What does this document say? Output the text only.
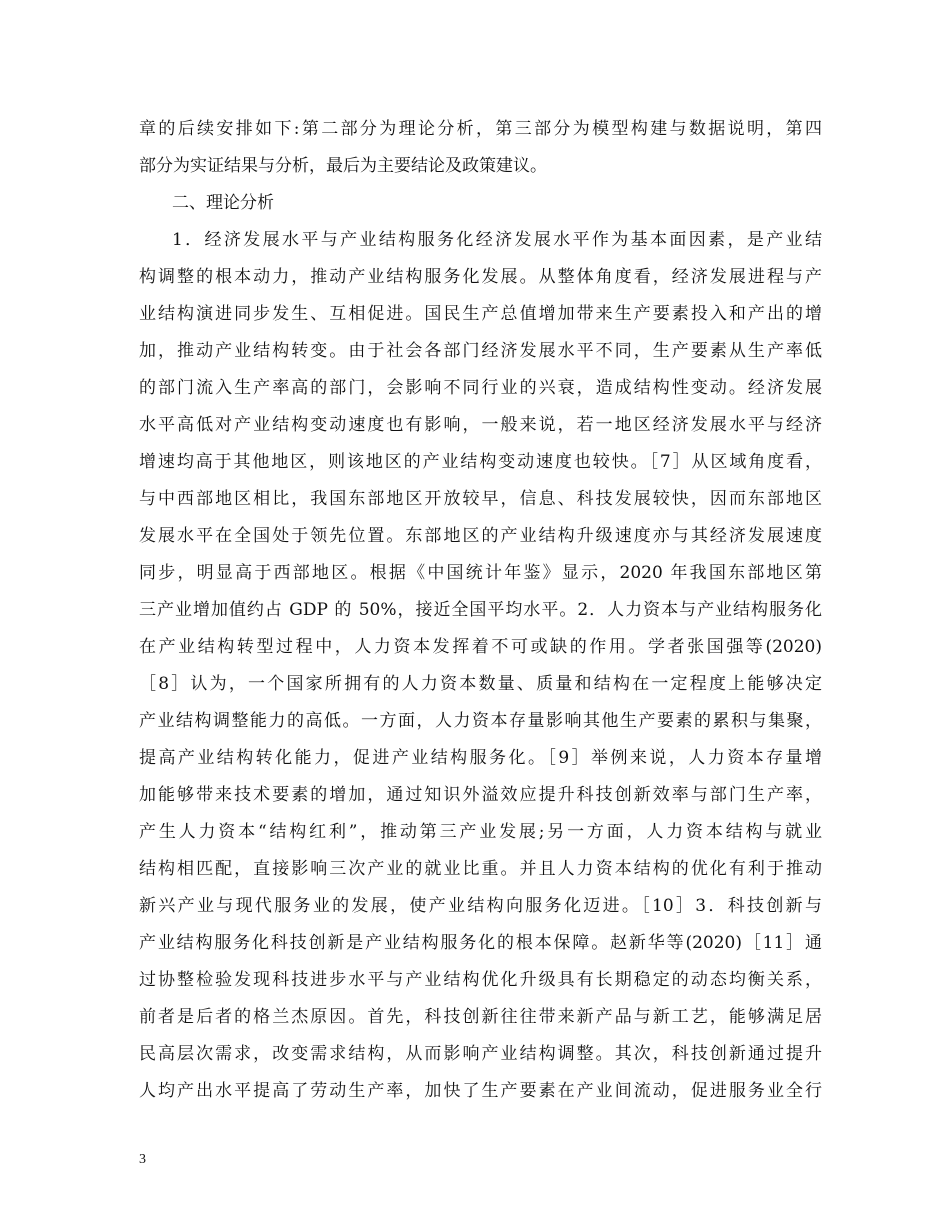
章的后续安排如下:第二部分为理论分析，第三部分为模型构建与数据说明，第四
部分为实证结果与分析，最后为主要结论及政策建议。
二、理论分析
1．经济发展水平与产业结构服务化经济发展水平作为基本面因素，是产业结
构调整的根本动力，推动产业结构服务化发展。从整体角度看，经济发展进程与产
业结构演进同步发生、互相促进。国民生产总值增加带来生产要素投入和产出的增
加，推动产业结构转变。由于社会各部门经济发展水平不同，生产要素从生产率低
的部门流入生产率高的部门，会影响不同行业的兴衰，造成结构性变动。经济发展
水平高低对产业结构变动速度也有影响，一般来说，若一地区经济发展水平与经济
增速均高于其他地区，则该地区的产业结构变动速度也较快。［7］从区域角度看，
与中西部地区相比，我国东部地区开放较早，信息、科技发展较快，因而东部地区
发展水平在全国处于领先位置。东部地区的产业结构升级速度亦与其经济发展速度
同步，明显高于西部地区。根据《中国统计年鉴》显示，2020 年我国东部地区第
三产业增加值约占 GDP 的 50%，接近全国平均水平。2．人力资本与产业结构服务化
在产业结构转型过程中，人力资本发挥着不可或缺的作用。学者张国强等(2020)
［8］认为，一个国家所拥有的人力资本数量、质量和结构在一定程度上能够决定
产业结构调整能力的高低。一方面，人力资本存量影响其他生产要素的累积与集聚，
提高产业结构转化能力，促进产业结构服务化。［9］举例来说，人力资本存量增
加能够带来技术要素的增加，通过知识外溢效应提升科技创新效率与部门生产率，
产生人力资本“结构红利”，推动第三产业发展;另一方面，人力资本结构与就业
结构相匹配，直接影响三次产业的就业比重。并且人力资本结构的优化有利于推动
新兴产业与现代服务业的发展，使产业结构向服务化迈进。［10］3．科技创新与
产业结构服务化科技创新是产业结构服务化的根本保障。赵新华等(2020)［11］通
过协整检验发现科技进步水平与产业结构优化升级具有长期稳定的动态均衡关系，
前者是后者的格兰杰原因。首先，科技创新往往带来新产品与新工艺，能够满足居
民高层次需求，改变需求结构，从而影响产业结构调整。其次，科技创新通过提升
人均产出水平提高了劳动生产率，加快了生产要素在产业间流动，促进服务业全行
3
